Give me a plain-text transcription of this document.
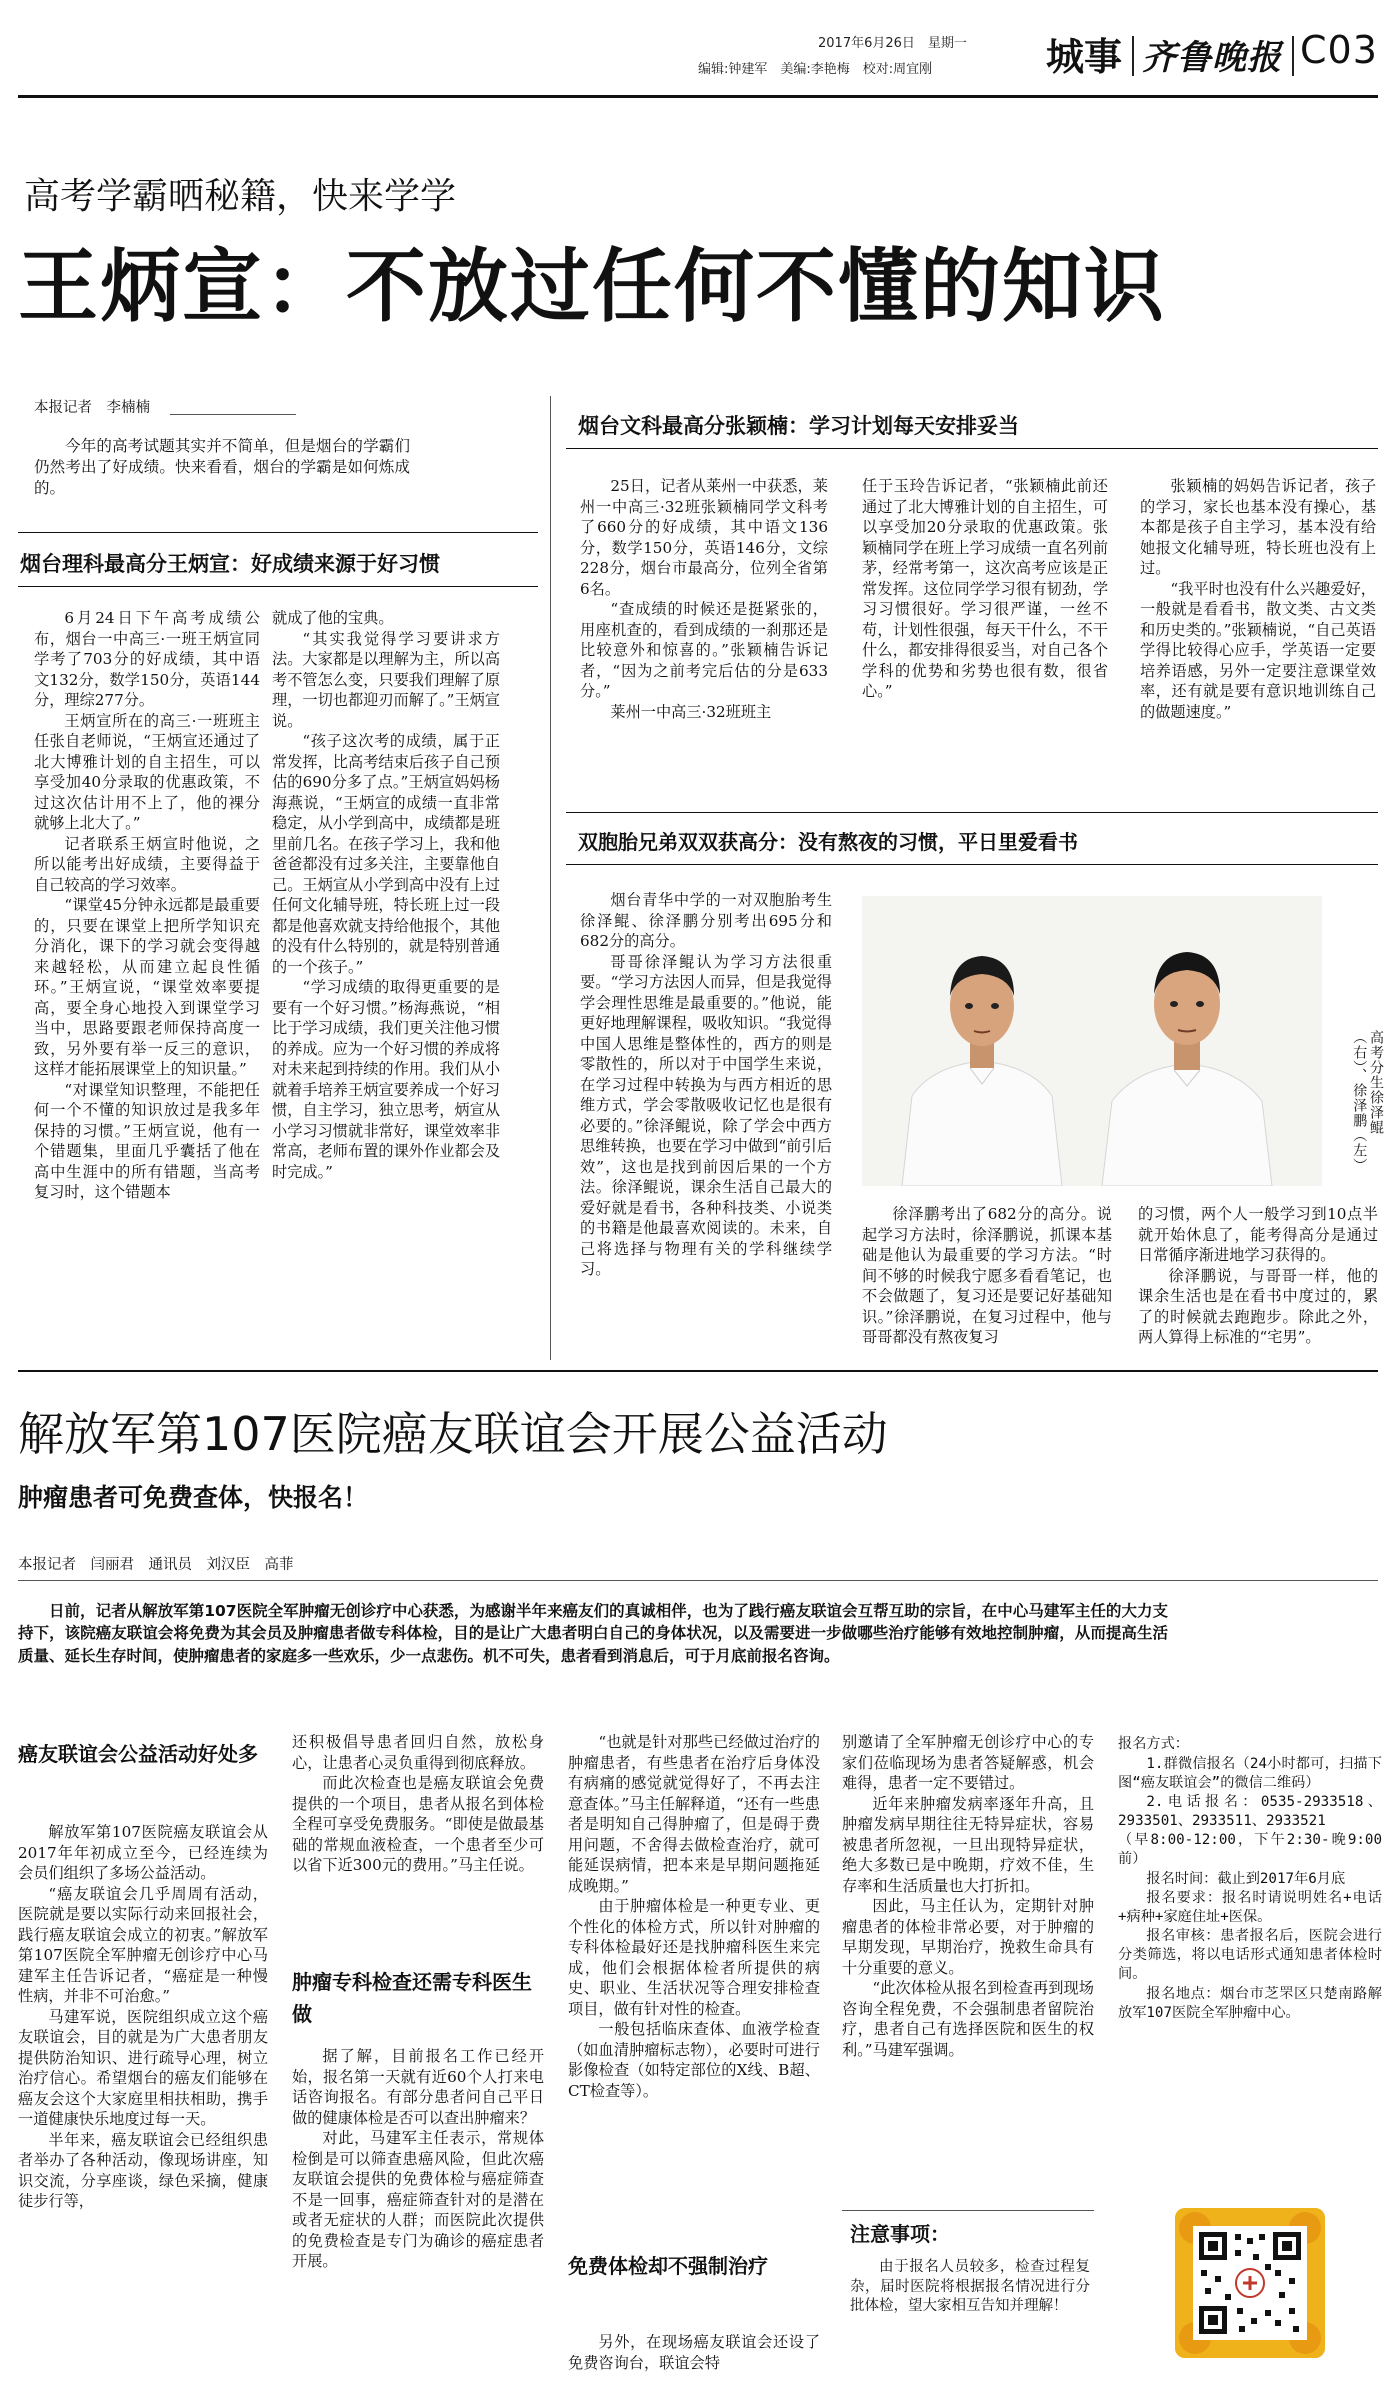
2017年6月26日　星期一
编辑:钟建军　美编:李艳梅　校对:周宜刚	城事 齐鲁晚报 C03
高考学霸晒秘籍，快来学学
王炳宣：不放过任何不懂的知识
本报记者　李楠楠

今年的高考试题其实并不简单，但是烟台的学霸们仍然考出了好成绩。快来看看，烟台的学霸是如何炼成的。

烟台理科最高分王炳宣：好成绩来源于好习惯

6月24日下午高考成绩公布，烟台一中高三·一班王炳宣同学考了703分的好成绩，其中语文132分，数学150分，英语144分，理综277分。

王炳宣所在的高三·一班班主任张自老师说，“王炳宣还通过了北大博雅计划的自主招生，可以享受加40分录取的优惠政策，不过这次估计用不上了，他的裸分就够上北大了。”

记者联系王炳宣时他说，之所以能考出好成绩，主要得益于自己较高的学习效率。

“课堂45分钟永远都是最重要的，只要在课堂上把所学知识充分消化，课下的学习就会变得越来越轻松，从而建立起良性循环。”王炳宣说，“课堂效率要提高，要全身心地投入到课堂学习当中，思路要跟老师保持高度一致，另外要有举一反三的意识，这样才能拓展课堂上的知识量。”

“对课堂知识整理，不能把任何一个不懂的知识放过是我多年保持的习惯。”王炳宣说，他有一个错题集，里面几乎囊括了他在高中生涯中的所有错题，当高考复习时，这个错题本

就成了他的宝典。

“其实我觉得学习要讲求方法。大家都是以理解为主，所以高考不管怎么变，只要我们理解了原理，一切也都迎刃而解了。”王炳宣说。

“孩子这次考的成绩，属于正常发挥，比高考结束后孩子自己预估的690分多了点。”王炳宣妈妈杨海燕说，“王炳宣的成绩一直非常稳定，从小学到高中，成绩都是班里前几名。在孩子学习上，我和他爸爸都没有过多关注，主要靠他自己。王炳宣从小学到高中没有上过任何文化辅导班，特长班上过一段都是他喜欢就支持给他报个，其他的没有什么特别的，就是特别普通的一个孩子。”

“学习成绩的取得更重要的是要有一个好习惯。”杨海燕说，“相比于学习成绩，我们更关注他习惯的养成。应为一个好习惯的养成将对未来起到持续的作用。我们从小就着手培养王炳宣要养成一个好习惯，自主学习，独立思考，炳宣从小学习习惯就非常好，课堂效率非常高，老师布置的课外作业都会及时完成。”

烟台文科最高分张颖楠：学习计划每天安排妥当

25日，记者从莱州一中获悉，莱州一中高三·32班张颖楠同学文科考了660分的好成绩，其中语文136分，数学150分，英语146分，文综228分，烟台市最高分，位列全省第6名。

“查成绩的时候还是挺紧张的，用座机查的，看到成绩的一刹那还是比较意外和惊喜的。”张颖楠告诉记者，“因为之前考完后估的分是633分。”

莱州一中高三·32班班主

任于玉玲告诉记者，“张颖楠此前还通过了北大博雅计划的自主招生，可以享受加20分录取的优惠政策。张颖楠同学在班上学习成绩一直名列前茅，经常考第一，这次高考应该是正常发挥。这位同学学习很有韧劲，学习习惯很好。学习很严谨，一丝不苟，计划性很强，每天干什么，不干什么，都安排得很妥当，对自己各个学科的优势和劣势也很有数，很省心。”

张颖楠的妈妈告诉记者，孩子的学习，家长也基本没有操心，基本都是孩子自主学习，基本没有给她报文化辅导班，特长班也没有上过。

“我平时也没有什么兴趣爱好，一般就是看看书，散文类、古文类和历史类的。”张颖楠说，“自己英语学得比较得心应手，学英语一定要培养语感，另外一定要注意课堂效率，还有就是要有意识地训练自己的做题速度。”

双胞胎兄弟双双获高分：没有熬夜的习惯，平日里爱看书

烟台青华中学的一对双胞胎考生徐泽鲲、徐泽鹏分别考出695分和682分的高分。

哥哥徐泽鲲认为学习方法很重要。“学习方法因人而异，但是我觉得学会理性思维是最重要的。”他说，能更好地理解课程，吸收知识。“我觉得中国人思维是整体性的，西方的则是零散性的，所以对于中国学生来说，在学习过程中转换为与西方相近的思维方式，学会零散吸收记忆也是很有必要的。”徐泽鲲说，除了学会中西方思维转换，也要在学习中做到“前引后效”，这也是找到前因后果的一个方法。徐泽鲲说，课余生活自己最大的爱好就是看书，各种科技类、小说类的书籍是他最喜欢阅读的。未来，自己将选择与物理有关的学科继续学习。

高考分生徐泽鲲（右）、徐泽鹏（左）

徐泽鹏考出了682分的高分。说起学习方法时，徐泽鹏说，抓课本基础是他认为最重要的学习方法。“时间不够的时候我宁愿多看看笔记，也不会做题了，复习还是要记好基础知识。”徐泽鹏说，在复习过程中，他与哥哥都没有熬夜复习

的习惯，两个人一般学习到10点半就开始休息了，能考得高分是通过日常循序渐进地学习获得的。

徐泽鹏说，与哥哥一样，他的课余生活也是在看书中度过的，累了的时候就去跑跑步。除此之外，两人算得上标准的“宅男”。

解放军第107医院癌友联谊会开展公益活动
肿瘤患者可免费查体，快报名！
本报记者　闫丽君　通讯员　刘汉臣　高菲
日前，记者从解放军第107医院全军肿瘤无创诊疗中心获悉，为感谢半年来癌友们的真诚相伴，也为了践行癌友联谊会互帮互助的宗旨，在中心马建军主任的大力支持下，该院癌友联谊会将免费为其会员及肿瘤患者做专科体检，目的是让广大患者明白自己的身体状况，以及需要进一步做哪些治疗能够有效地控制肿瘤，从而提高生活质量、延长生存时间，使肿瘤患者的家庭多一些欢乐，少一点悲伤。机不可失，患者看到消息后，可于月底前报名咨询。
癌友联谊会公益活动好处多

解放军第107医院癌友联谊会从2017年年初成立至今，已经连续为会员们组织了多场公益活动。

“癌友联谊会几乎周周有活动，医院就是要以实际行动来回报社会，践行癌友联谊会成立的初衷。”解放军第107医院全军肿瘤无创诊疗中心马建军主任告诉记者，“癌症是一种慢性病，并非不可治愈。”

马建军说，医院组织成立这个癌友联谊会，目的就是为广大患者朋友提供防治知识、进行疏导心理，树立治疗信心。希望烟台的癌友们能够在癌友会这个大家庭里相扶相助，携手一道健康快乐地度过每一天。

半年来，癌友联谊会已经组织患者举办了各种活动，像现场讲座，知识交流，分享座谈，绿色采摘，健康徒步行等，

还积极倡导患者回归自然，放松身心，让患者心灵负重得到彻底释放。

而此次检查也是癌友联谊会免费提供的一个项目，患者从报名到体检全程可享受免费服务。“即使是做最基础的常规血液检查，一个患者至少可以省下近300元的费用。”马主任说。

肿瘤专科检查还需专科医生做

据了解，目前报名工作已经开始，报名第一天就有近60个人打来电话咨询报名。有部分患者问自己平日做的健康体检是否可以查出肿瘤来？

对此，马建军主任表示，常规体检倒是可以筛查患癌风险，但此次癌友联谊会提供的免费体检与癌症筛查不是一回事，癌症筛查针对的是潜在或者无症状的人群；而医院此次提供的免费检查是专门为确诊的癌症患者开展。

“也就是针对那些已经做过治疗的肿瘤患者，有些患者在治疗后身体没有病痛的感觉就觉得好了，不再去注意查体。”马主任解释道，“还有一些患者是明知自己得肿瘤了，但是碍于费用问题，不舍得去做检查治疗，就可能延误病情，把本来是早期问题拖延成晚期。”

由于肿瘤体检是一种更专业、更个性化的体检方式，所以针对肿瘤的专科体检最好还是找肿瘤科医生来完成，他们会根据体检者所提供的病史、职业、生活状况等合理安排检查项目，做有针对性的检查。

一般包括临床查体、血液学检查（如血清肿瘤标志物），必要时可进行影像检查（如特定部位的X线、B超、CT检查等）。

免费体检却不强制治疗

另外，在现场癌友联谊会还设了免费咨询台，联谊会特

别邀请了全军肿瘤无创诊疗中心的专家们莅临现场为患者答疑解惑，机会难得，患者一定不要错过。

近年来肿瘤发病率逐年升高，且肿瘤发病早期往往无特异症状，容易被患者所忽视，一旦出现特异症状，绝大多数已是中晚期，疗效不佳，生存率和生活质量也大打折扣。

因此，马主任认为，定期针对肿瘤患者的体检非常必要，对于肿瘤的早期发现，早期治疗，挽救生命具有十分重要的意义。

“此次体检从报名到检查再到现场咨询全程免费，不会强制患者留院治疗，患者自己有选择医院和医生的权利。”马建军强调。

注意事项：

由于报名人员较多，检查过程复杂，届时医院将根据报名情况进行分批体检，望大家相互告知并理解！

报名方式：

1.群微信报名（24小时都可，扫描下图“癌友联谊会”的微信二维码）

2.电话报名：0535-2933518、2933501、2933511、2933521

（早8:00-12:00，下午2:30-晚9:00前）

报名时间：截止到2017年6月底

报名要求：报名时请说明姓名+电话+病种+家庭住址+医保。

报名审核：患者报名后，医院会进行分类筛选，将以电话形式通知患者体检时间。

报名地点：烟台市芝罘区只楚南路解放军107医院全军肿瘤中心。
